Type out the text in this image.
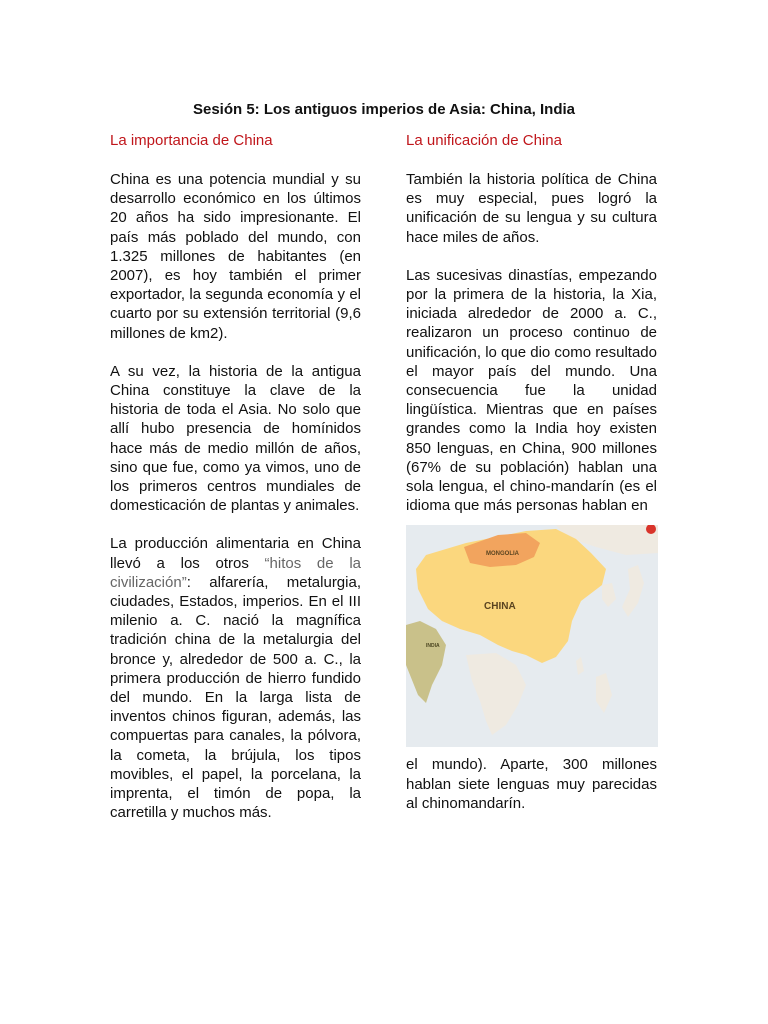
Sesión 5: Los antiguos imperios de Asia: China, India
La importancia de China

China es una potencia mundial y su desarrollo económico en los últimos 20 años ha sido impresionante. El país más poblado del mundo, con 1.325 millones de habitantes (en 2007), es hoy también el primer exportador, la segunda economía y el cuarto por su extensión territorial (9,6 millones de km2).

A su vez, la historia de la antigua China constituye la clave de la historia de toda el Asia. No solo que allí hubo presencia de homínidos hace más de medio millón de años, sino que fue, como ya vimos, uno de los primeros centros mundiales de domesticación de plantas y animales.

La producción alimentaria en China llevó a los otros “hitos de la civilización”: alfarería, metalurgia, ciudades, Estados, imperios. En el III milenio a. C. nació la magnífica tradición china de la metalurgia del bronce y, alrededor de 500 a. C., la primera producción de hierro fundido del mundo. En la larga lista de inventos chinos figuran, además, las compuertas para canales, la pólvora, la cometa, la brújula, los tipos movibles, el papel, la porcelana, la imprenta, el timón de popa, la carretilla y muchos más.

La unificación de China

También la historia política de China es muy especial, pues logró la unificación de su lengua y su cultura hace miles de años.

Las sucesivas dinastías, empezando por la primera de la historia, la Xia, iniciada alrededor de 2000 a. C., realizaron un proceso continuo de unificación, lo que dio como resultado el mayor país del mundo. Una consecuencia fue la unidad lingüística. Mientras que en países grandes como la India hoy existen 850 lenguas, en China, 900 millones (67% de su población) hablan una sola lengua, el chino-mandarín (es el idioma que más personas hablan en

MONGOLIA
CHINA
INDIA

el mundo). Aparte, 300 millones hablan siete lenguas muy parecidas al chinomandarín.
